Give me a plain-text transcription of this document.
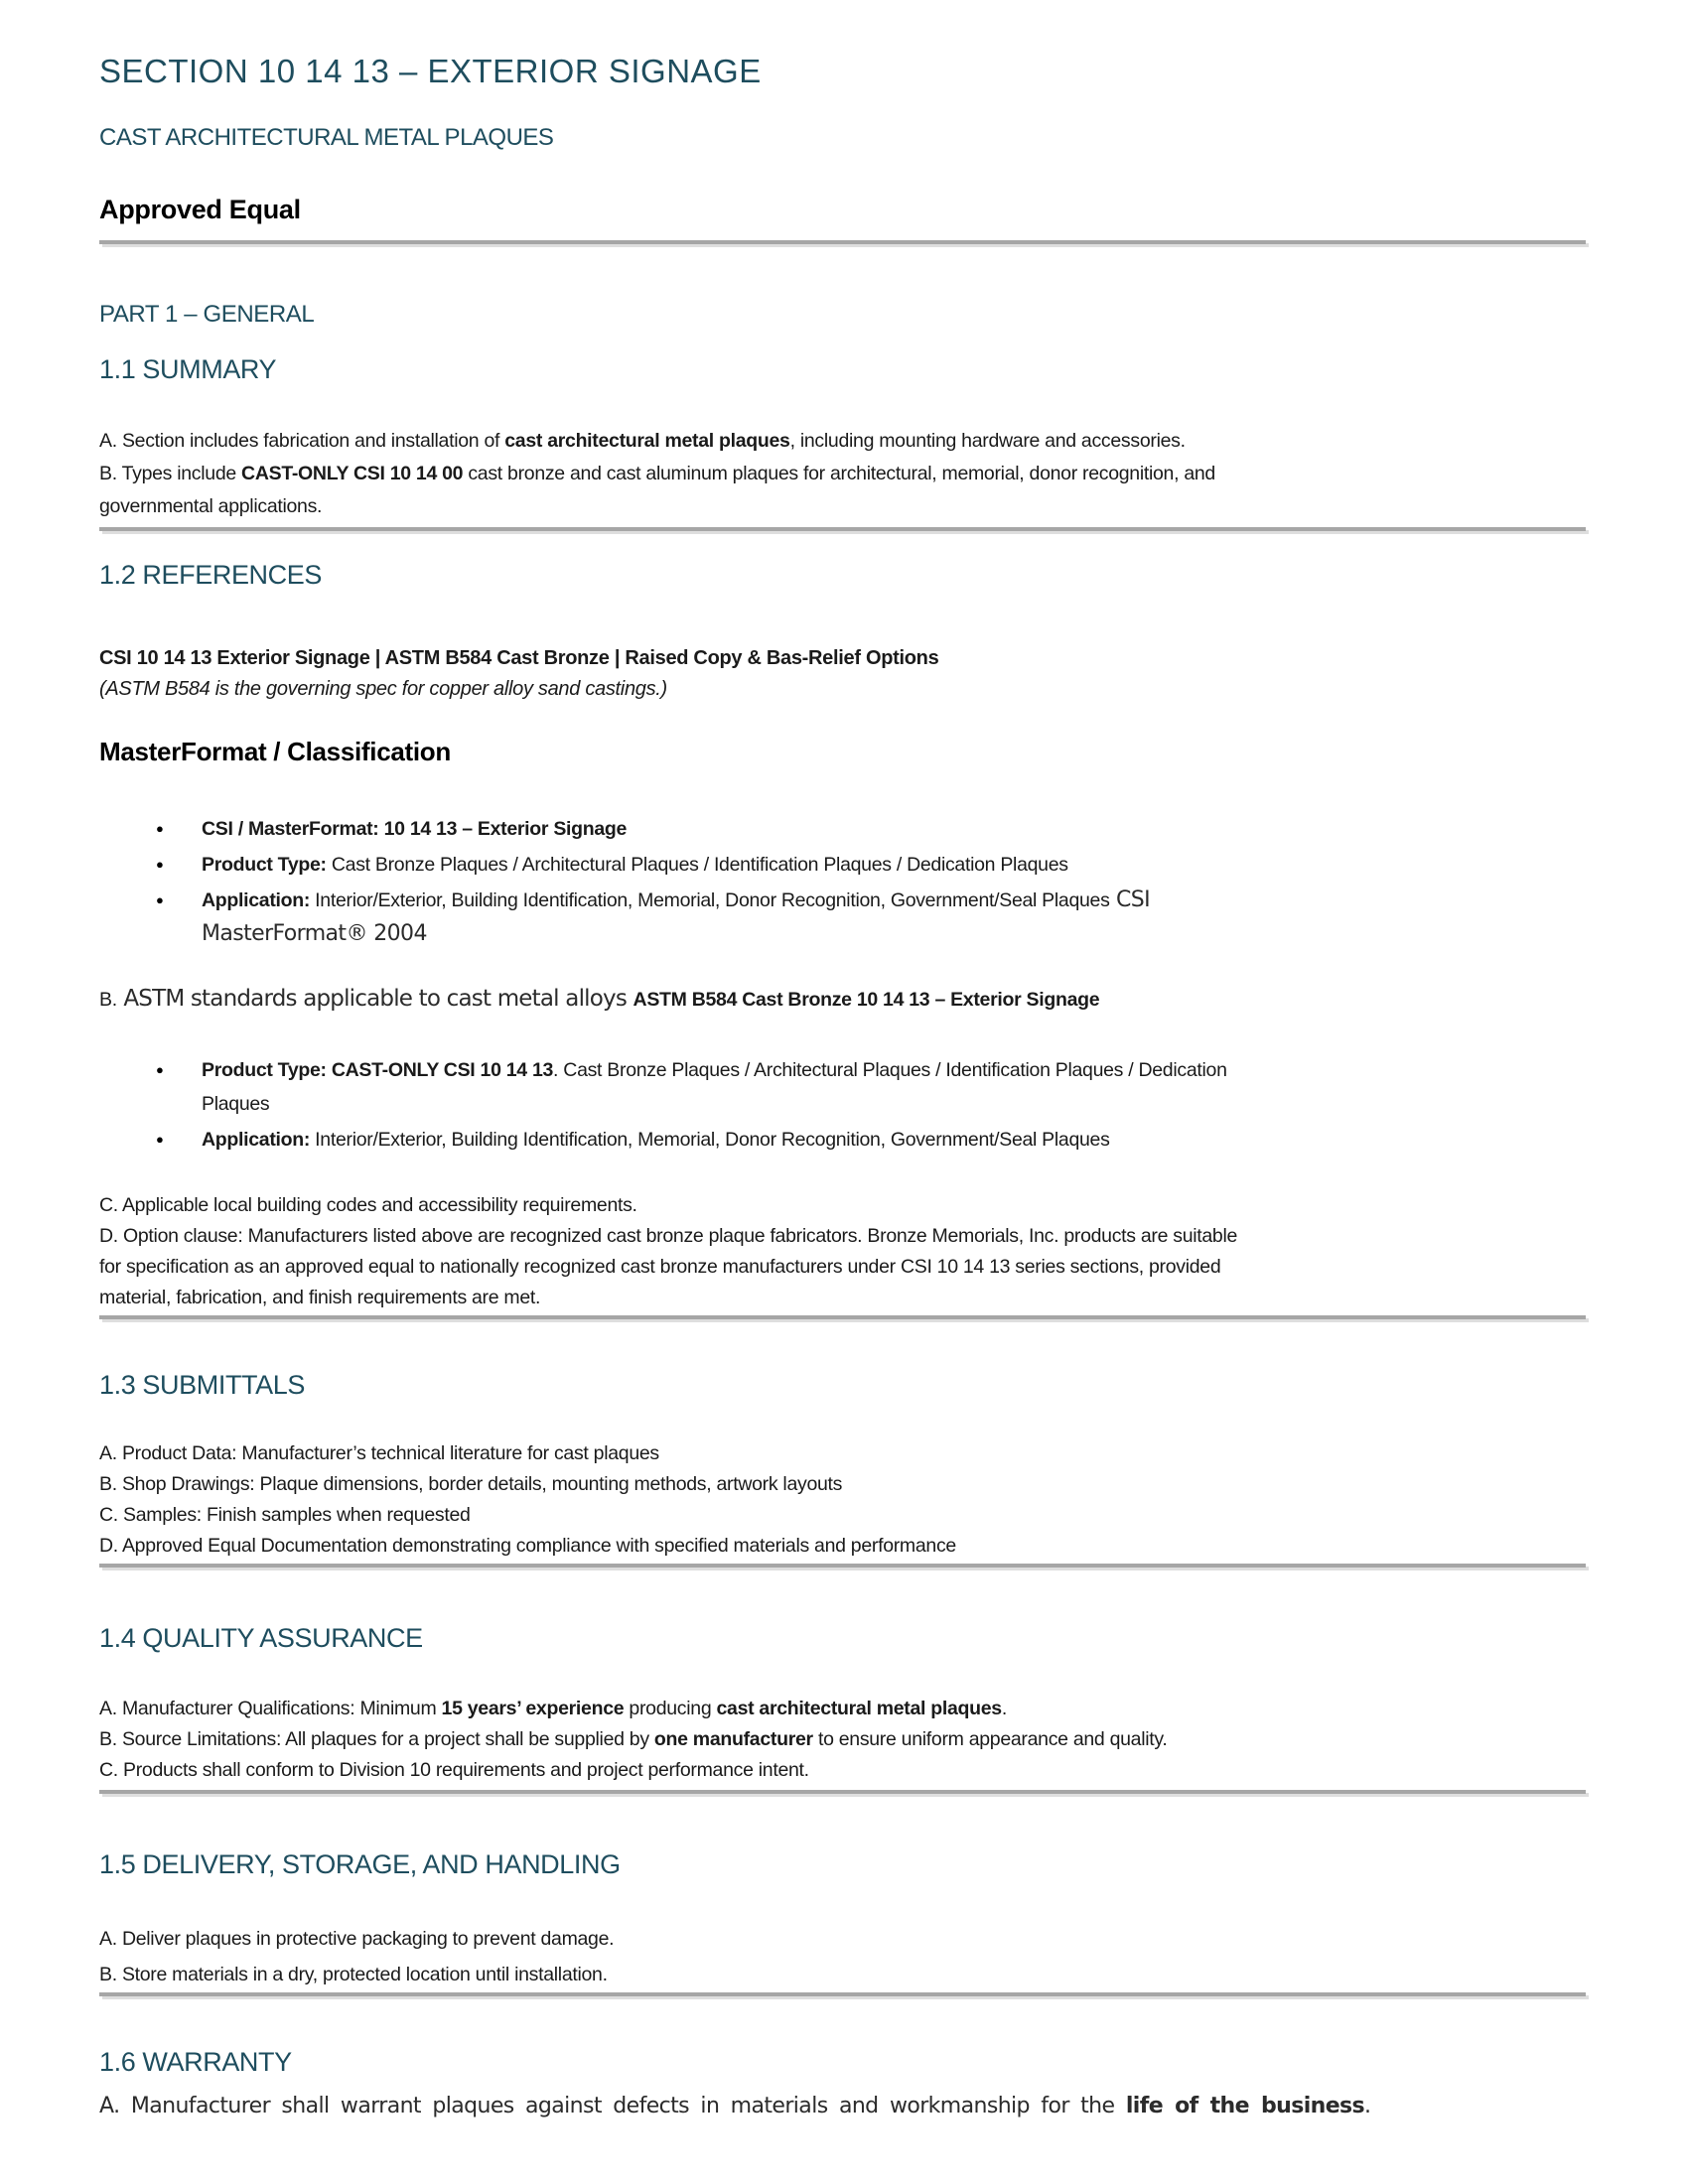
SECTION 10 14 13 – EXTERIOR SIGNAGE
CAST ARCHITECTURAL METAL PLAQUES
Approved Equal
PART 1 – GENERAL
1.1 SUMMARY

A. Section includes fabrication and installation of cast architectural metal plaques, including mounting hardware and accessories.
B. Types include CAST-ONLY CSI 10 14 00 cast bronze and cast aluminum plaques for architectural, memorial, donor recognition, and
governmental applications.

1.2 REFERENCES

CSI 10 14 13 Exterior Signage | ASTM B584 Cast Bronze | Raised Copy & Bas-Relief Options

(ASTM B584 is the governing spec for copper alloy sand castings.)

MasterFormat / Classification
● CSI / MasterFormat: 10 14 13 – Exterior Signage
● Product Type: Cast Bronze Plaques / Architectural Plaques / Identification Plaques / Dedication Plaques
● Application: Interior/Exterior, Building Identification, Memorial, Donor Recognition, Government/Seal Plaques CSI
MasterFormat® 2004

B. ASTM standards applicable to cast metal alloys ASTM B584 Cast Bronze 10 14 13 – Exterior Signage

● Product Type: CAST-ONLY CSI 10 14 13. Cast Bronze Plaques / Architectural Plaques / Identification Plaques / Dedication
Plaques
● Application: Interior/Exterior, Building Identification, Memorial, Donor Recognition, Government/Seal Plaques

C. Applicable local building codes and accessibility requirements.
D. Option clause: Manufacturers listed above are recognized cast bronze plaque fabricators. Bronze Memorials, Inc. products are suitable
for specification as an approved equal to nationally recognized cast bronze manufacturers under CSI 10 14 13 series sections, provided
material, fabrication, and finish requirements are met.

1.3 SUBMITTALS

A. Product Data: Manufacturer’s technical literature for cast plaques
B. Shop Drawings: Plaque dimensions, border details, mounting methods, artwork layouts
C. Samples: Finish samples when requested
D. Approved Equal Documentation demonstrating compliance with specified materials and performance

1.4 QUALITY ASSURANCE

A. Manufacturer Qualifications: Minimum 15 years’ experience producing cast architectural metal plaques.
B. Source Limitations: All plaques for a project shall be supplied by one manufacturer to ensure uniform appearance and quality.
C. Products shall conform to Division 10 requirements and project performance intent.

1.5 DELIVERY, STORAGE, AND HANDLING

A. Deliver plaques in protective packaging to prevent damage.
B. Store materials in a dry, protected location until installation.

1.6 WARRANTY

A. Manufacturer shall warrant plaques against defects in materials and workmanship for the life of the business.
